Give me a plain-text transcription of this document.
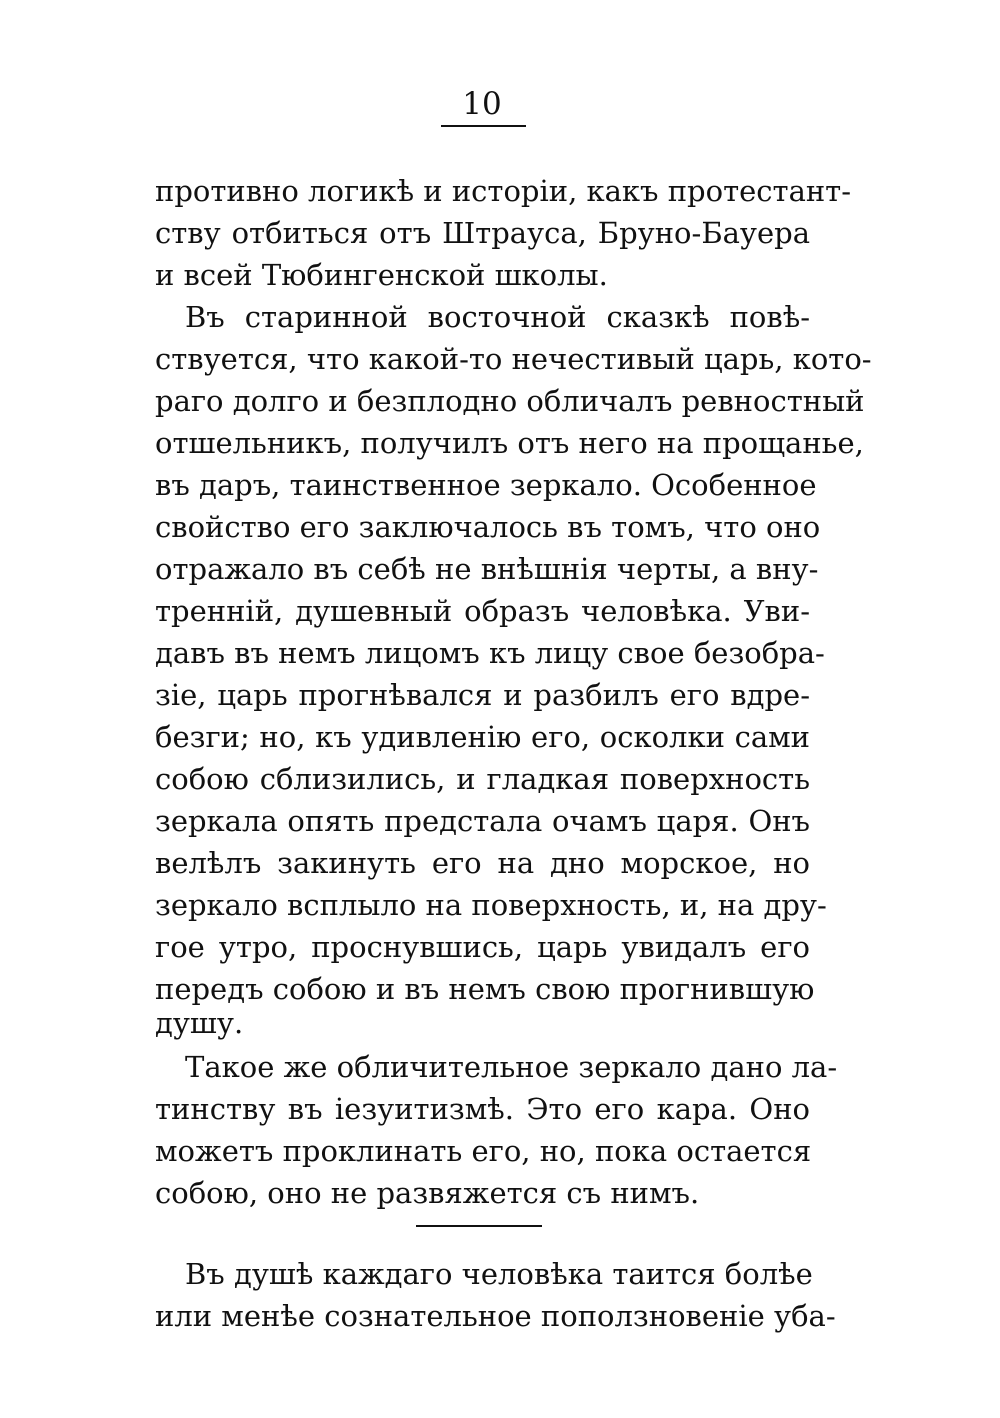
10
противно логикѣ и исторіи, какъ протестант-
ству отбиться отъ Штрауса, Бруно-Бауера
и всей Тюбингенской школы.
Въ старинной восточной сказкѣ повѣ-
ствуется, что какой-то нечестивый царь, кото-
раго долго и безплодно обличалъ ревностный
отшельникъ, получилъ отъ него на прощанье,
въ даръ, таинственное зеркало. Особенное
свойство его заключалось въ томъ, что оно
отражало въ себѣ не внѣшнія черты, а вну-
тренній, душевный образъ человѣка. Уви-
давъ въ немъ лицомъ къ лицу свое безобра-
зіе, царь прогнѣвался и разбилъ его вдре-
безги; но, къ удивленію его, осколки сами
собою сблизились, и гладкая поверхность
зеркала опять предстала очамъ царя. Онъ
велѣлъ закинуть его на дно морское, но
зеркало всплыло на поверхность, и, на дру-
гое утро, проснувшись, царь увидалъ его
передъ собою и въ немъ свою прогнившую
душу.
Такое же обличительное зеркало дано ла-
тинству въ іезуитизмѣ. Это его кара. Оно
можетъ проклинать его, но, пока остается
собою, оно не развяжется съ нимъ.
Въ душѣ каждаго человѣка таится болѣе
или менѣе сознательное поползновеніе уба-
